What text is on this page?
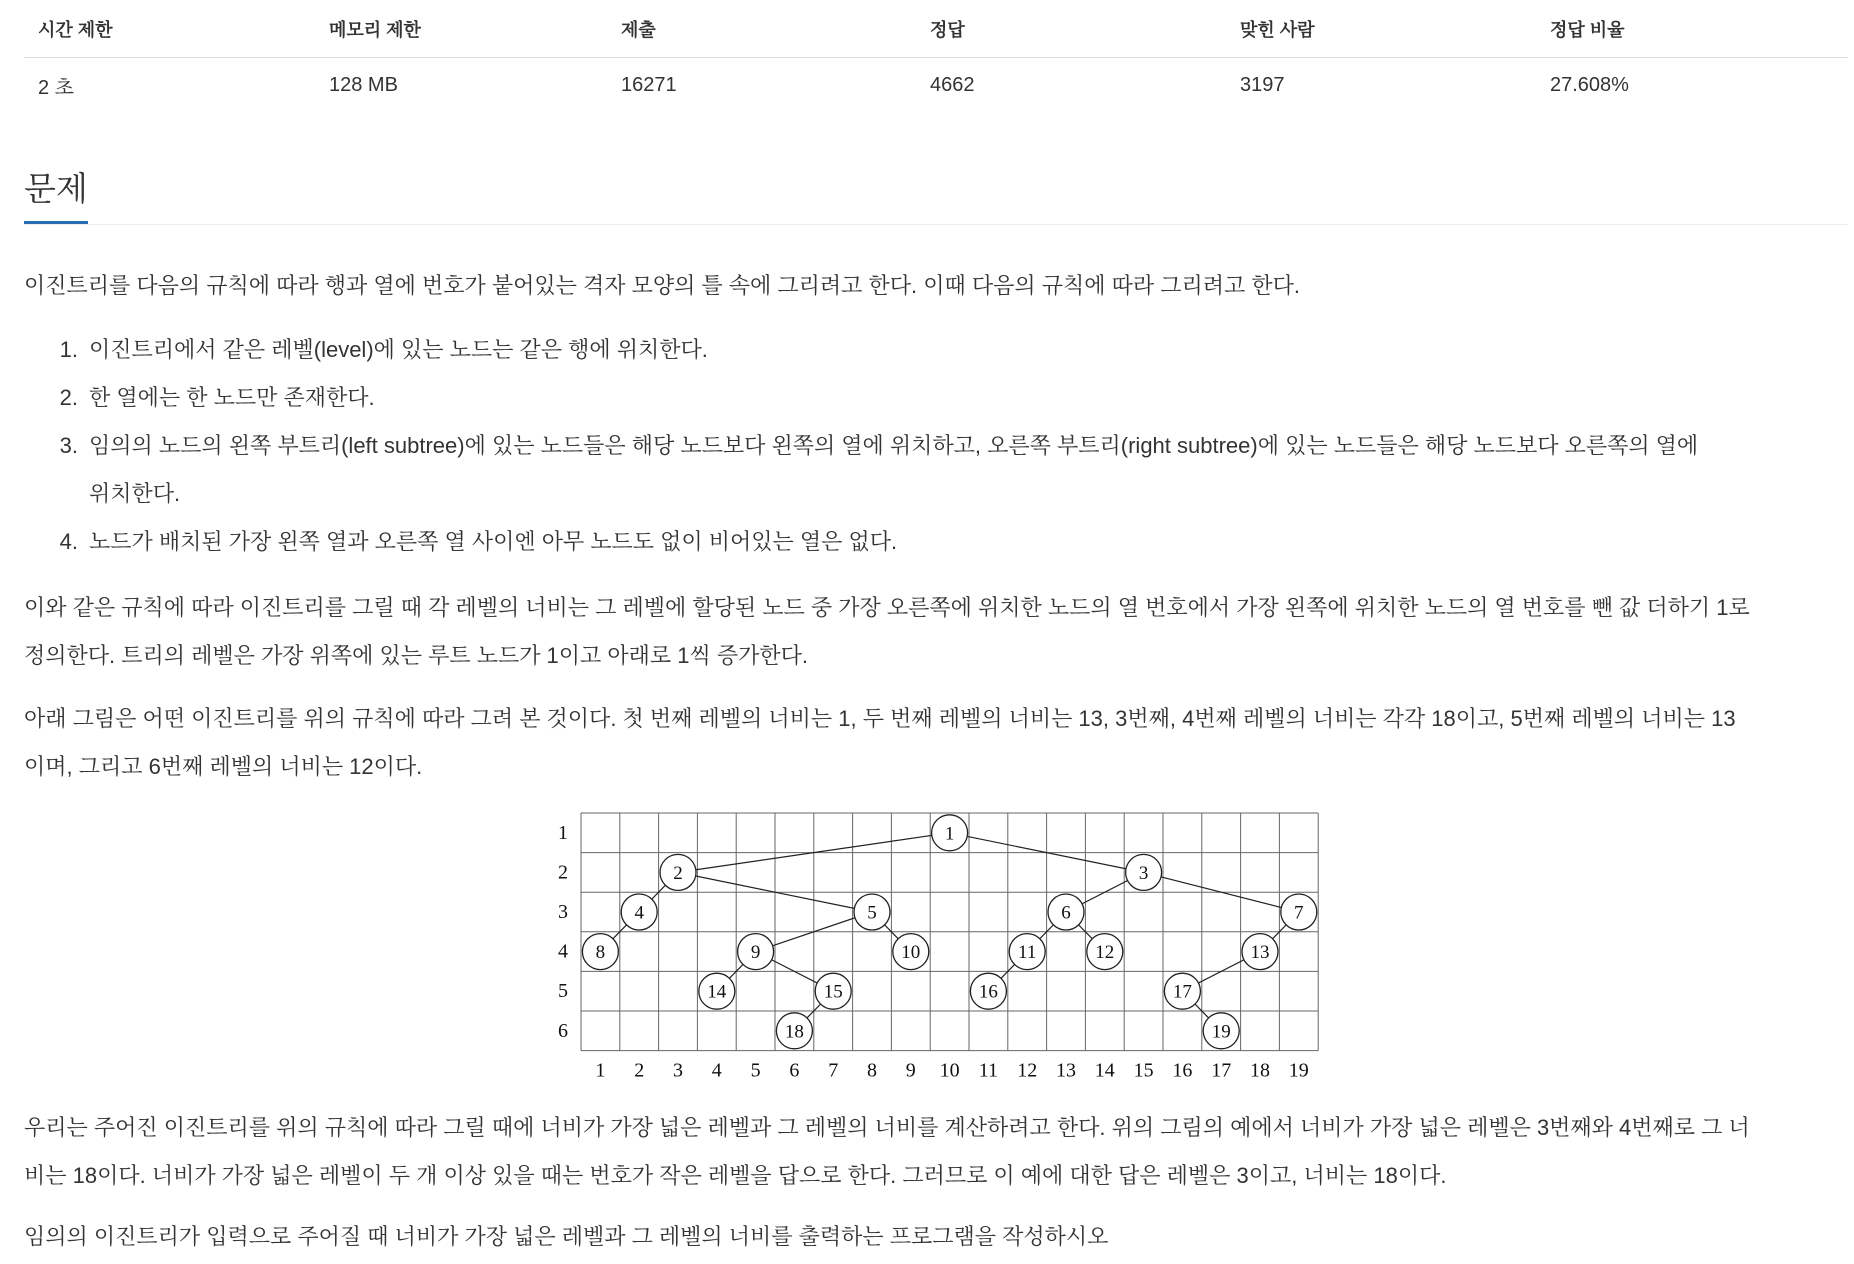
시간 제한	메모리 제한	제출	정답	맞힌 사람	정답 비율
2 초	128 MB	16271	4662	3197	27.608%
문제

이진트리를 다음의 규칙에 따라 행과 열에 번호가 붙어있는 격자 모양의 틀 속에 그리려고 한다. 이때 다음의 규칙에 따라 그리려고 한다.

1. 이진트리에서 같은 레벨(level)에 있는 노드는 같은 행에 위치한다.
2. 한 열에는 한 노드만 존재한다.
3. 임의의 노드의 왼쪽 부트리(left subtree)에 있는 노드들은 해당 노드보다 왼쪽의 열에 위치하고, 오른쪽 부트리(right subtree)에 있는 노드들은 해당 노드보다 오른쪽의 열에
위치한다.
4. 노드가 배치된 가장 왼쪽 열과 오른쪽 열 사이엔 아무 노드도 없이 비어있는 열은 없다.

이와 같은 규칙에 따라 이진트리를 그릴 때 각 레벨의 너비는 그 레벨에 할당된 노드 중 가장 오른쪽에 위치한 노드의 열 번호에서 가장 왼쪽에 위치한 노드의 열 번호를 뺀 값 더하기 1로
정의한다. 트리의 레벨은 가장 위쪽에 있는 루트 노드가 1이고 아래로 1씩 증가한다.

아래 그림은 어떤 이진트리를 위의 규칙에 따라 그려 본 것이다. 첫 번째 레벨의 너비는 1, 두 번째 레벨의 너비는 13, 3번째, 4번째 레벨의 너비는 각각 18이고, 5번째 레벨의 너비는 13
이며, 그리고 6번째 레벨의 너비는 12이다.

1
2
3
4
5
6
1 2 3 4 5 6 7 8 9 10 11 12 13 14 15 16 17 18 19
8
4
2
14
9
18
15
5
10
1
16
11
6
12
3
17
19
13
7

우리는 주어진 이진트리를 위의 규칙에 따라 그릴 때에 너비가 가장 넓은 레벨과 그 레벨의 너비를 계산하려고 한다. 위의 그림의 예에서 너비가 가장 넓은 레벨은 3번째와 4번째로 그 너
비는 18이다. 너비가 가장 넓은 레벨이 두 개 이상 있을 때는 번호가 작은 레벨을 답으로 한다. 그러므로 이 예에 대한 답은 레벨은 3이고, 너비는 18이다.

임의의 이진트리가 입력으로 주어질 때 너비가 가장 넓은 레벨과 그 레벨의 너비를 출력하는 프로그램을 작성하시오
